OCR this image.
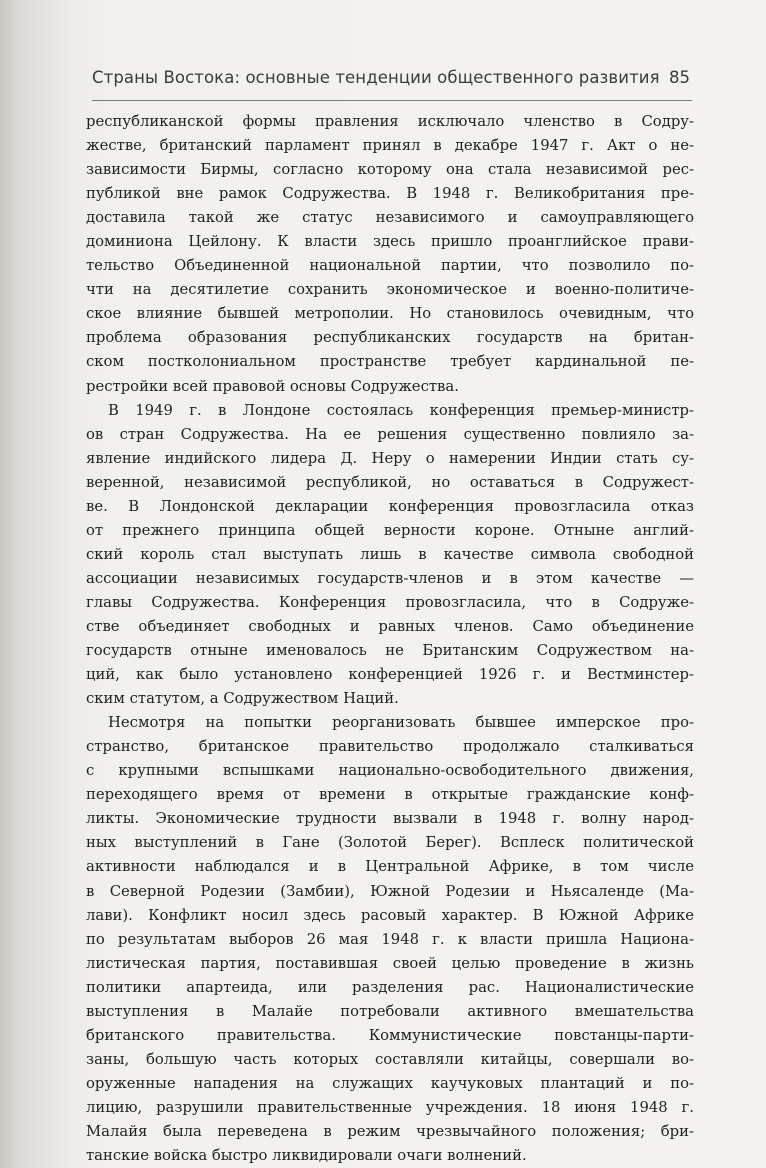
Страны Востока: основные тенденции общественного развития 85
республиканской формы правления исключало членство в Содру-
жестве, британский парламент принял в декабре 1947 г. Акт о не-
зависимости Бирмы, согласно которому она стала независимой рес-
публикой вне рамок Содружества. В 1948 г. Великобритания пре-
доставила такой же статус независимого и самоуправляющего
доминиона Цейлону. К власти здесь пришло проанглийское прави-
тельство Объединенной национальной партии, что позволило по-
чти на десятилетие сохранить экономическое и военно-политиче-
ское влияние бывшей метрополии. Но становилось очевидным, что
проблема образования республиканских государств на британ-
ском постколониальном пространстве требует кардинальной пе-
рестройки всей правовой основы Содружества.
В 1949 г. в Лондоне состоялась конференция премьер-министр-
ов стран Содружества. На ее решения существенно повлияло за-
явление индийского лидера Д. Неру о намерении Индии стать су-
веренной, независимой республикой, но оставаться в Содружест-
ве. В Лондонской декларации конференция провозгласила отказ
от прежнего принципа общей верности короне. Отныне англий-
ский король стал выступать лишь в качестве символа свободной
ассоциации независимых государств-членов и в этом качестве —
главы Содружества. Конференция провозгласила, что в Содруже-
стве объединяет свободных и равных членов. Само объединение
государств отныне именовалось не Британским Содружеством на-
ций, как было установлено конференцией 1926 г. и Вестминстер-
ским статутом, а Содружеством Наций.
Несмотря на попытки реорганизовать бывшее имперское про-
странство, британское правительство продолжало сталкиваться
с крупными вспышками национально-освободительного движения,
переходящего время от времени в открытые гражданские конф-
ликты. Экономические трудности вызвали в 1948 г. волну народ-
ных выступлений в Гане (Золотой Берег). Всплеск политической
активности наблюдался и в Центральной Африке, в том числе
в Северной Родезии (Замбии), Южной Родезии и Ньясаленде (Ма-
лави). Конфликт носил здесь расовый характер. В Южной Африке
по результатам выборов 26 мая 1948 г. к власти пришла Национа-
листическая партия, поставившая своей целью проведение в жизнь
политики апартеида, или разделения рас. Националистические
выступления в Малайе потребовали активного вмешательства
британского правительства. Коммунистические повстанцы-парти-
заны, большую часть которых составляли китайцы, совершали во-
оруженные нападения на служащих каучуковых плантаций и по-
лицию, разрушили правительственные учреждения. 18 июня 1948 г.
Малайя была переведена в режим чрезвычайного положения; бри-
танские войска быстро ликвидировали очаги волнений.
